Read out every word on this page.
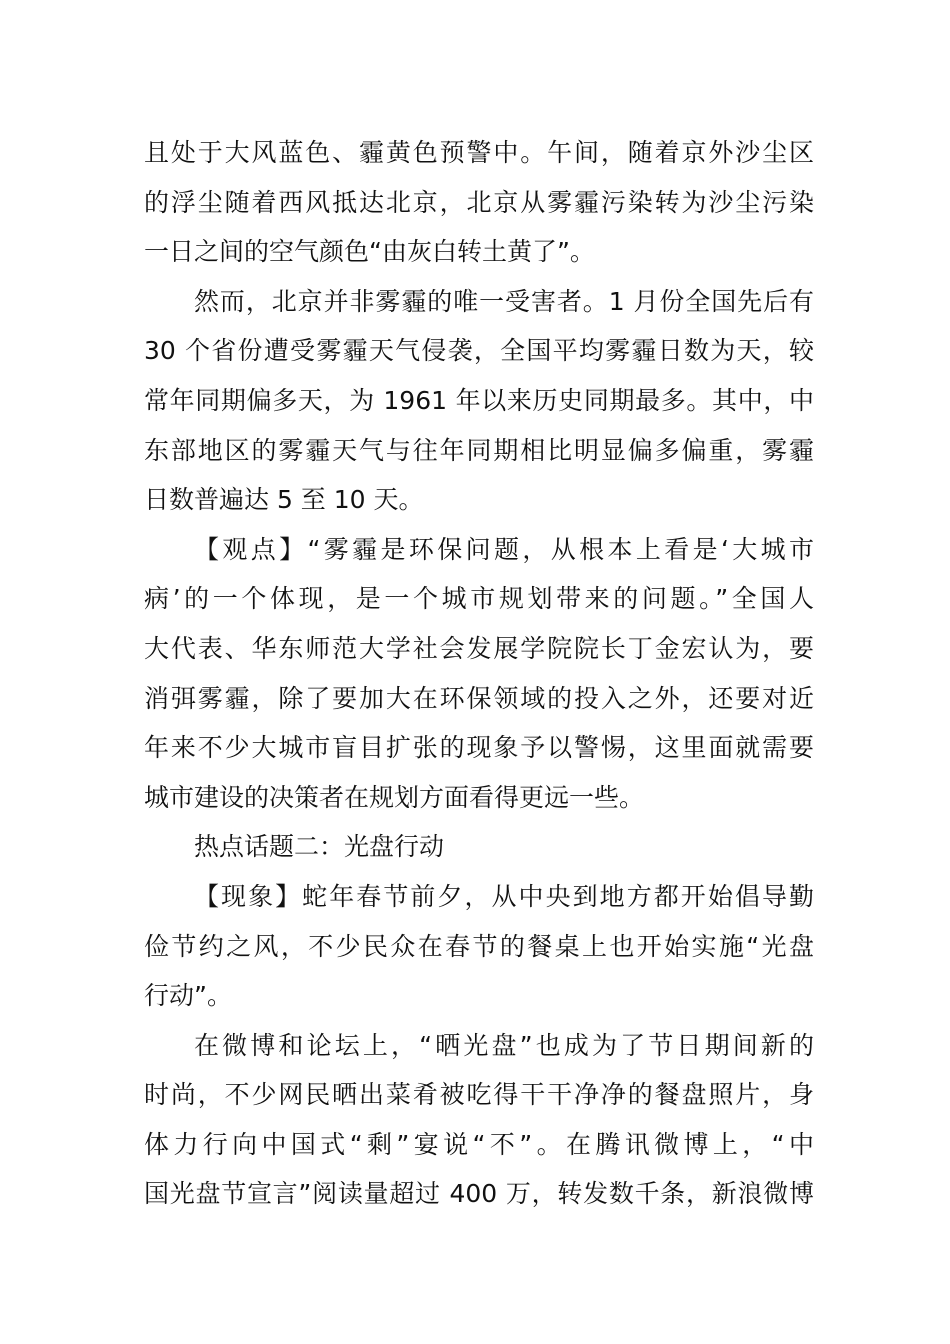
且处于大风蓝色、霾黄色预警中。午间，随着京外沙尘区
的浮尘随着西风抵达北京，北京从雾霾污染转为沙尘污染
一日之间的空气颜色“由灰白转土黄了”。
然而，北京并非雾霾的唯一受害者。1 月份全国先后有
30 个省份遭受雾霾天气侵袭，全国平均雾霾日数为天，较
常年同期偏多天，为 1961 年以来历史同期最多。其中，中
东部地区的雾霾天气与往年同期相比明显偏多偏重，雾霾
日数普遍达 5 至 10 天。
【观点】“雾霾是环保问题，从根本上看是‘大城市
病’的一个体现，是一个城市规划带来的问题。”全国人
大代表、华东师范大学社会发展学院院长丁金宏认为，要
消弭雾霾，除了要加大在环保领域的投入之外，还要对近
年来不少大城市盲目扩张的现象予以警惕，这里面就需要
城市建设的决策者在规划方面看得更远一些。
热点话题二：光盘行动
【现象】蛇年春节前夕，从中央到地方都开始倡导勤
俭节约之风，不少民众在春节的餐桌上也开始实施“光盘
行动”。
在微博和论坛上，“晒光盘”也成为了节日期间新的
时尚，不少网民晒出菜肴被吃得干干净净的餐盘照片，身
体力行向中国式“剩”宴说“不”。在腾讯微博上，“中
国光盘节宣言”阅读量超过 400 万，转发数千条，新浪微博
